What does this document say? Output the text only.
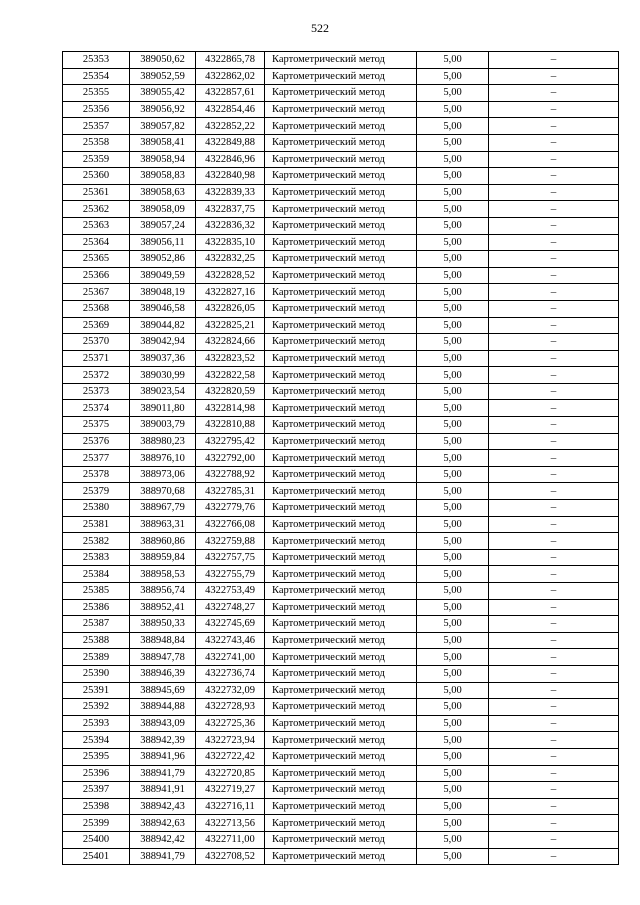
522
25353	389050,62	4322865,78	Картометрический метод	5,00	–
25354	389052,59	4322862,02	Картометрический метод	5,00	–
25355	389055,42	4322857,61	Картометрический метод	5,00	–
25356	389056,92	4322854,46	Картометрический метод	5,00	–
25357	389057,82	4322852,22	Картометрический метод	5,00	–
25358	389058,41	4322849,88	Картометрический метод	5,00	–
25359	389058,94	4322846,96	Картометрический метод	5,00	–
25360	389058,83	4322840,98	Картометрический метод	5,00	–
25361	389058,63	4322839,33	Картометрический метод	5,00	–
25362	389058,09	4322837,75	Картометрический метод	5,00	–
25363	389057,24	4322836,32	Картометрический метод	5,00	–
25364	389056,11	4322835,10	Картометрический метод	5,00	–
25365	389052,86	4322832,25	Картометрический метод	5,00	–
25366	389049,59	4322828,52	Картометрический метод	5,00	–
25367	389048,19	4322827,16	Картометрический метод	5,00	–
25368	389046,58	4322826,05	Картометрический метод	5,00	–
25369	389044,82	4322825,21	Картометрический метод	5,00	–
25370	389042,94	4322824,66	Картометрический метод	5,00	–
25371	389037,36	4322823,52	Картометрический метод	5,00	–
25372	389030,99	4322822,58	Картометрический метод	5,00	–
25373	389023,54	4322820,59	Картометрический метод	5,00	–
25374	389011,80	4322814,98	Картометрический метод	5,00	–
25375	389003,79	4322810,88	Картометрический метод	5,00	–
25376	388980,23	4322795,42	Картометрический метод	5,00	–
25377	388976,10	4322792,00	Картометрический метод	5,00	–
25378	388973,06	4322788,92	Картометрический метод	5,00	–
25379	388970,68	4322785,31	Картометрический метод	5,00	–
25380	388967,79	4322779,76	Картометрический метод	5,00	–
25381	388963,31	4322766,08	Картометрический метод	5,00	–
25382	388960,86	4322759,88	Картометрический метод	5,00	–
25383	388959,84	4322757,75	Картометрический метод	5,00	–
25384	388958,53	4322755,79	Картометрический метод	5,00	–
25385	388956,74	4322753,49	Картометрический метод	5,00	–
25386	388952,41	4322748,27	Картометрический метод	5,00	–
25387	388950,33	4322745,69	Картометрический метод	5,00	–
25388	388948,84	4322743,46	Картометрический метод	5,00	–
25389	388947,78	4322741,00	Картометрический метод	5,00	–
25390	388946,39	4322736,74	Картометрический метод	5,00	–
25391	388945,69	4322732,09	Картометрический метод	5,00	–
25392	388944,88	4322728,93	Картометрический метод	5,00	–
25393	388943,09	4322725,36	Картометрический метод	5,00	–
25394	388942,39	4322723,94	Картометрический метод	5,00	–
25395	388941,96	4322722,42	Картометрический метод	5,00	–
25396	388941,79	4322720,85	Картометрический метод	5,00	–
25397	388941,91	4322719,27	Картометрический метод	5,00	–
25398	388942,43	4322716,11	Картометрический метод	5,00	–
25399	388942,63	4322713,56	Картометрический метод	5,00	–
25400	388942,42	4322711,00	Картометрический метод	5,00	–
25401	388941,79	4322708,52	Картометрический метод	5,00	–
